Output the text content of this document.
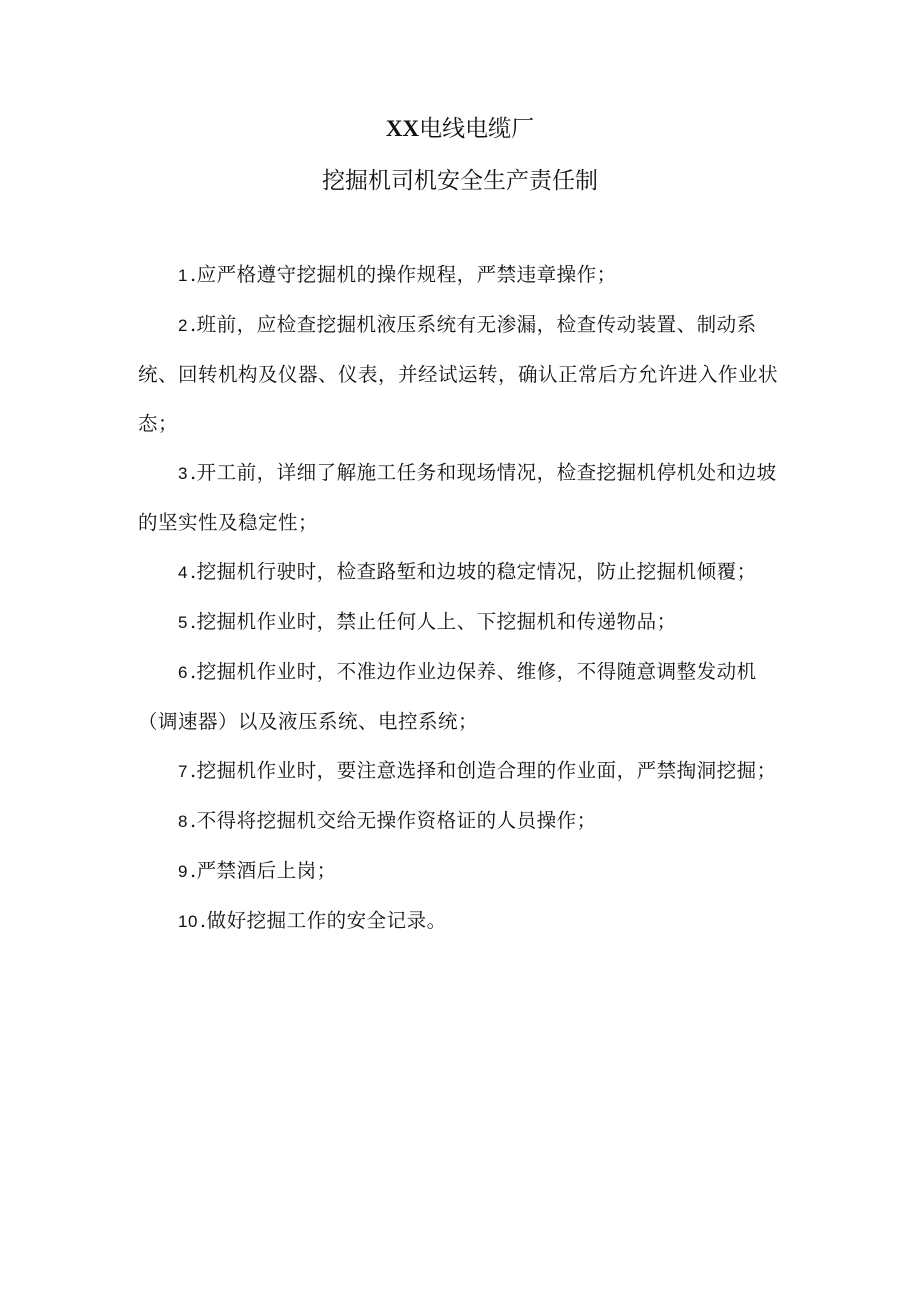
XX电线电缆厂
挖掘机司机安全生产责任制

1 .应严格遵守挖掘机的操作规程，严禁违章操作；

2 .班前，应检查挖掘机液压系统有无渗漏，检查传动装置、制动系统、回转机构及仪器、仪表，并经试运转，确认正常后方允许进入作业状态；

3 .开工前，详细了解施工任务和现场情况，检查挖掘机停机处和边坡的坚实性及稳定性；

4 .挖掘机行驶时，检查路堑和边坡的稳定情况，防止挖掘机倾覆；

5 .挖掘机作业时，禁止任何人上、下挖掘机和传递物品；

6 .挖掘机作业时，不准边作业边保养、维修，不得随意调整发动机（调速器）以及液压系统、电控系统；

7 .挖掘机作业时，要注意选择和创造合理的作业面，严禁掏洞挖掘；

8 .不得将挖掘机交给无操作资格证的人员操作；

9 .严禁酒后上岗；

10 .做好挖掘工作的安全记录。
